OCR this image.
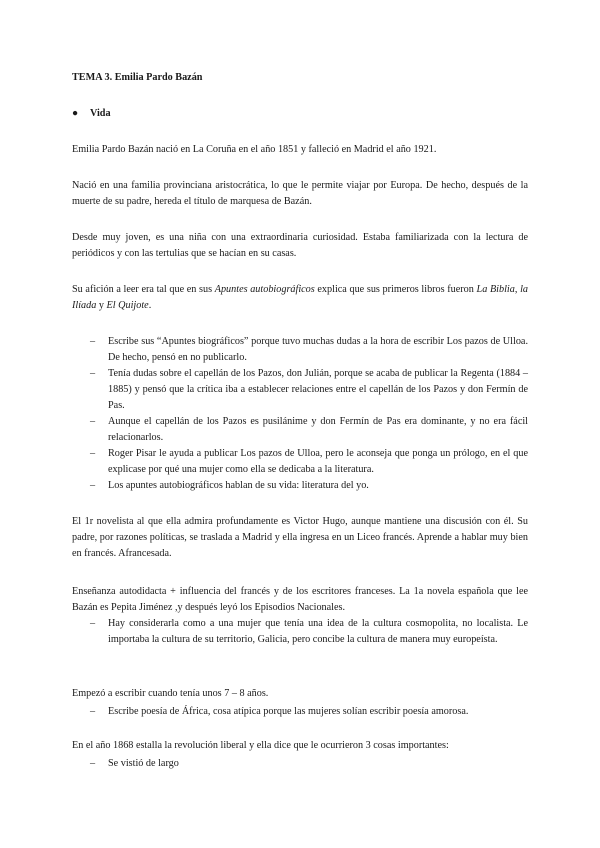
TEMA 3. Emilia Pardo Bazán
● Vida

Emilia Pardo Bazán nació en La Coruña en el año 1851 y falleció en Madrid el año 1921.

Nació en una familia provinciana aristocrática, lo que le permite viajar por Europa. De hecho, después de la muerte de su padre, hereda el título de marquesa de Bazán.

Desde muy joven, es una niña con una extraordinaria curiosidad. Estaba familiarizada con la lectura de periódicos y con las tertulias que se hacían en su casas.

Su afición a leer era tal que en sus Apuntes autobiográficos explica que sus primeros libros fueron La Biblia, la Ilíada y El Quijote.

– Escribe sus “Apuntes biográficos” porque tuvo muchas dudas a la hora de escribir Los pazos de Ulloa. De hecho, pensó en no publicarlo.
– Tenía dudas sobre el capellán de los Pazos, don Julián, porque se acaba de publicar la Regenta (1884 – 1885) y pensó que la crítica iba a establecer relaciones entre el capellán de los Pazos y don Fermín de Pas.
– Aunque el capellán de los Pazos es pusilánime y don Fermín de Pas era dominante, y no era fácil relacionarlos.
– Roger Pisar le ayuda a publicar Los pazos de Ulloa, pero le aconseja que ponga un prólogo, en el que explicase por qué una mujer como ella se dedicaba a la literatura.
– Los apuntes autobiográficos hablan de su vida: literatura del yo.

El 1r novelista al que ella admira profundamente es Victor Hugo, aunque mantiene una discusión con él. Su padre, por razones políticas, se traslada a Madrid y ella ingresa en un Liceo francés. Aprende a hablar muy bien en francés. Afrancesada.

Enseñanza autodidacta + influencia del francés y de los escritores franceses. La 1a novela española que lee Bazán es Pepita Jiménez ,y después leyó los Episodios Nacionales.

– Hay considerarla como a una mujer que tenía una idea de la cultura cosmopolita, no localista. Le importaba la cultura de su territorio, Galicia, pero concibe la cultura de manera muy europeísta.

Empezó a escribir cuando tenía unos 7 – 8 años.

– Escribe poesía de África, cosa atípica porque las mujeres solían escribir poesía amorosa.

En el año 1868 estalla la revolución liberal y ella dice que le ocurrieron 3 cosas importantes:

– Se vistió de largo
